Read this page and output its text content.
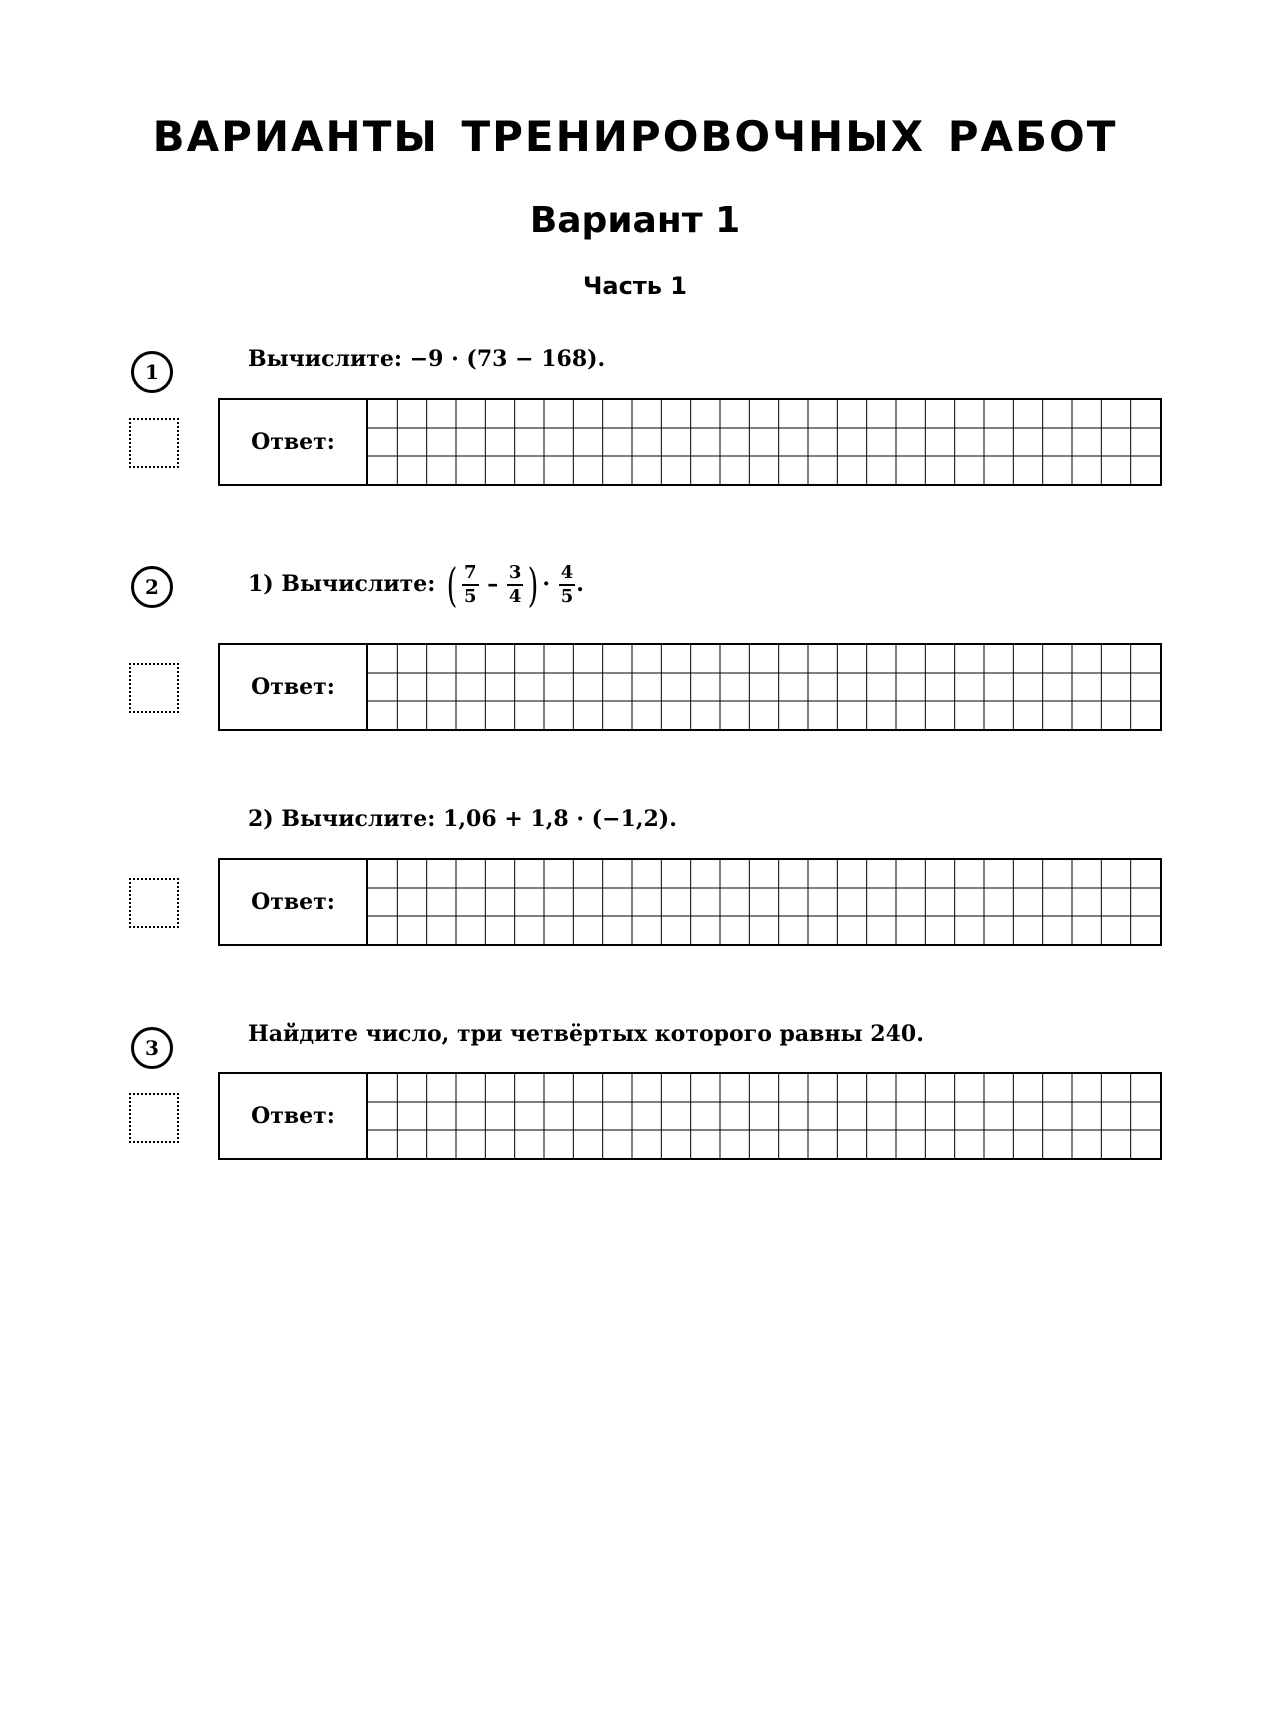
ВАРИАНТЫ ТРЕНИРОВОЧНЫХ РАБОТ
Вариант 1
Часть 1
1	Вычислите: −9 · (73 − 168).
Ответ:
2	1) Вычислите: ( $\frac{7}{5} - \frac{3}{4}$ ) · $\frac{4}{5}$ .
Ответ:
2) Вычислите: 1,06 + 1,8 · (−1,2).
Ответ:
3
Найдите число, три четвёртых которого равны 240.
Ответ:
